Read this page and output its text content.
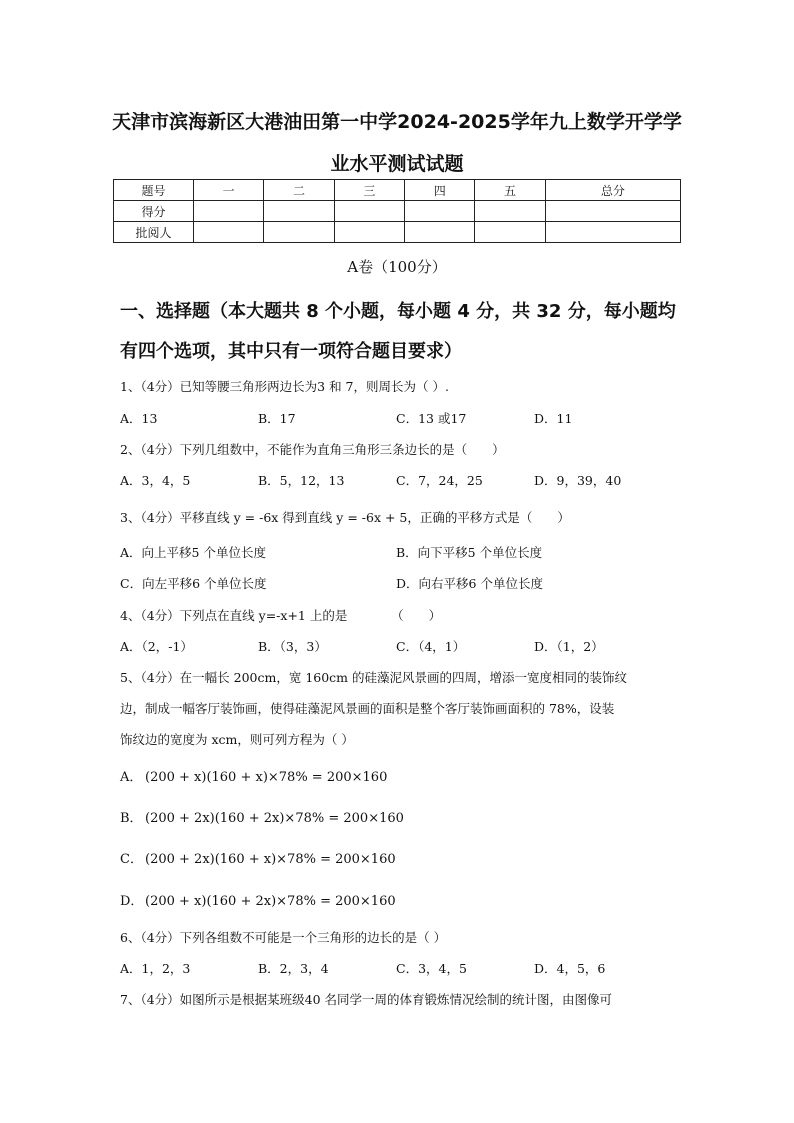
天津市滨海新区大港油田第一中学2024-2025学年九上数学开学学
业水平测试试题
题号	一	二	三	四	五	总分
得分						
批阅人						
A卷（100分）
一、选择题（本大题共 8 个小题，每小题 4 分，共 32 分，每小题均
有四个选项，其中只有一项符合题目要求）
1、（4分）已知等腰三角形两边长为3 和 7，则周长为（ ）.
A．13	B．17	C．13 或17	D．11
2、（4分）下列几组数中，不能作为直角三角形三条边长的是（　　）
A．3，4，5	B．5，12，13	C．7，24，25	D．9，39，40
3、（4分）平移直线 y = -6x 得到直线 y = -6x + 5，正确的平移方式是（　　）
A．向上平移5 个单位长度	B．向下平移5 个单位长度
C．向左平移6 个单位长度	D．向右平移6 个单位长度
4、（4分）下列点在直线 y=-x+1 上的是　　　　（　　）
A．（2，-1）	B．（3，3）	C．（4，1）	D．（1，2）
5、（4分）在一幅长 200cm，宽 160cm 的硅藻泥风景画的四周，增添一宽度相同的装饰纹
边，制成一幅客厅装饰画，使得硅藻泥风景画的面积是整个客厅装饰画面积的 78%，设装
饰纹边的宽度为 xcm，则可列方程为（ ）
A． (200 + x)(160 + x)×78% = 200×160
B． (200 + 2x)(160 + 2x)×78% = 200×160
C． (200 + 2x)(160 + x)×78% = 200×160
D． (200 + x)(160 + 2x)×78% = 200×160
6、（4分）下列各组数不可能是一个三角形的边长的是（ ）
A．1，2，3	B．2，3，4	C．3，4，5	D．4，5，6
7、（4分）如图所示是根据某班级40 名同学一周的体育锻炼情况绘制的统计图，由图像可
